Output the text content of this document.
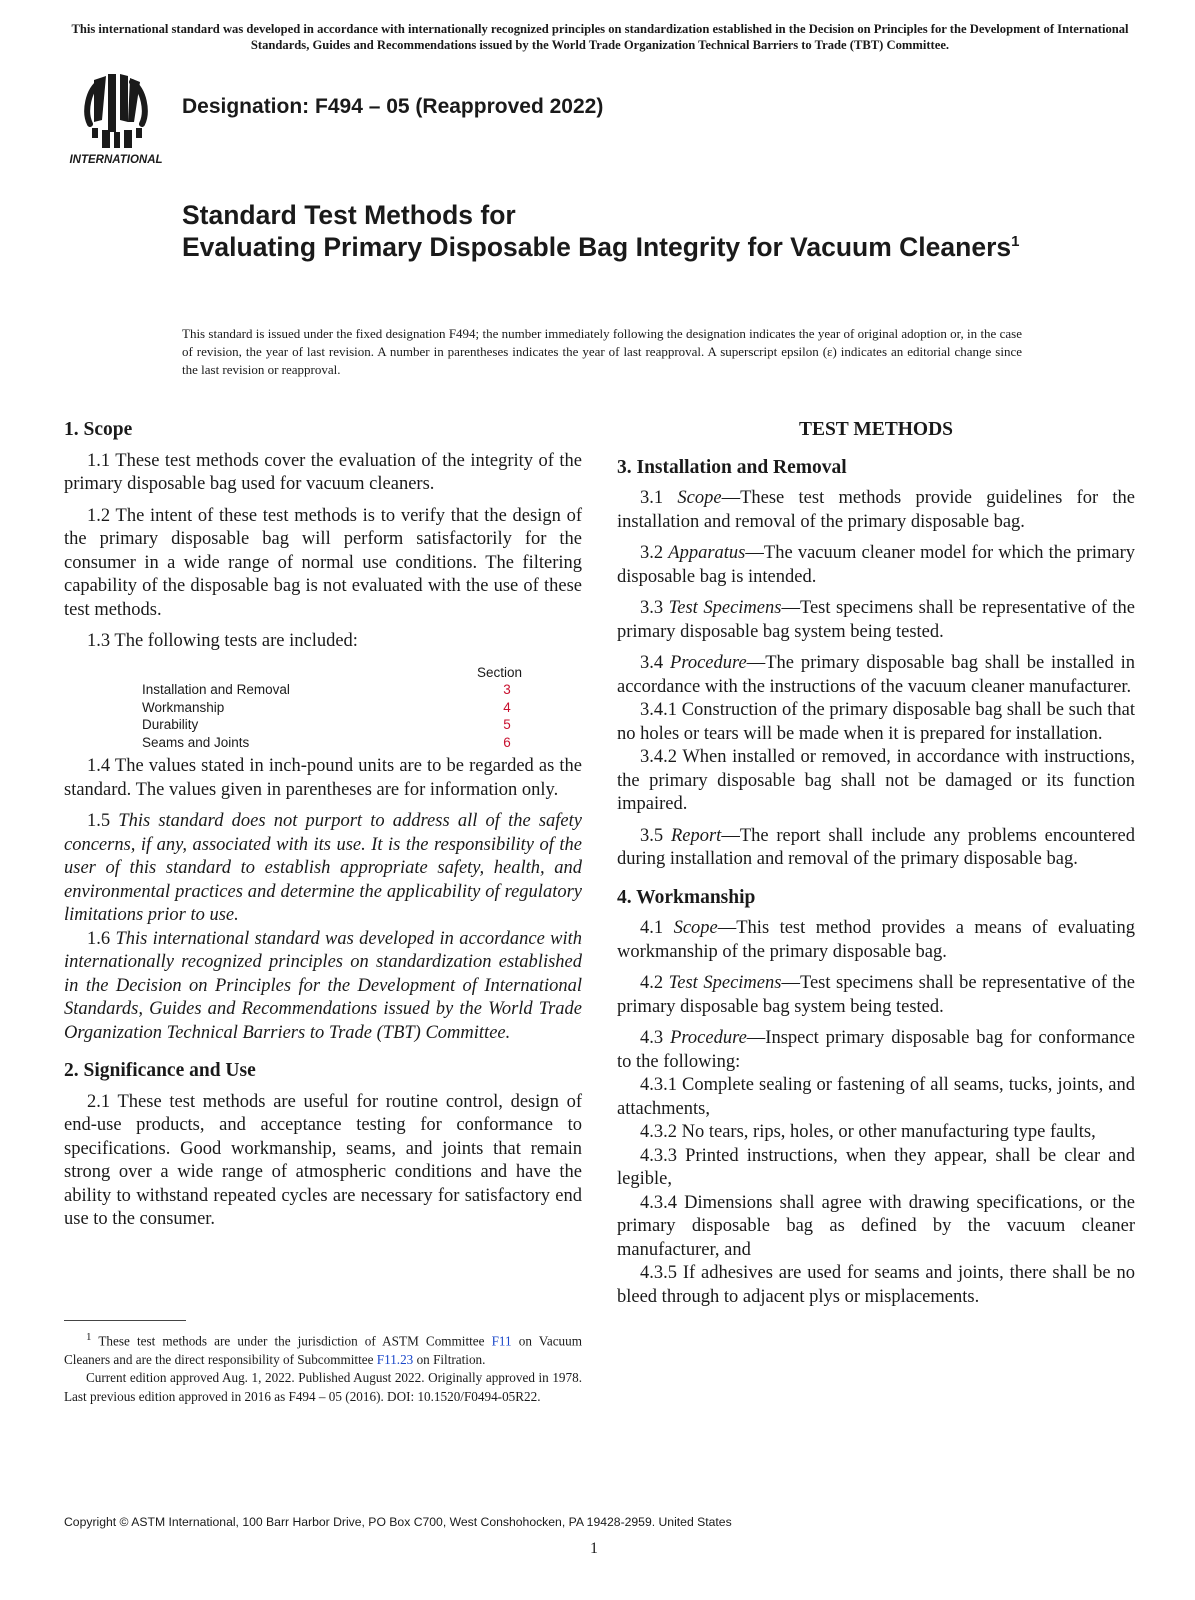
This international standard was developed in accordance with internationally recognized principles on standardization established in the Decision on Principles for the Development of International Standards, Guides and Recommendations issued by the World Trade Organization Technical Barriers to Trade (TBT) Committee.
INTERNATIONAL
Designation: F494 – 05 (Reapproved 2022)
Standard Test Methods for
Evaluating Primary Disposable Bag Integrity for Vacuum Cleaners$^1$
This standard is issued under the fixed designation F494; the number immediately following the designation indicates the year of original adoption or, in the case of revision, the year of last revision. A number in parentheses indicates the year of last reapproval. A superscript epsilon (ε) indicates an editorial change since the last revision or reapproval.

1. Scope

1.1 These test methods cover the evaluation of the integrity of the primary disposable bag used for vacuum cleaners.

1.2 The intent of these test methods is to verify that the design of the primary disposable bag will perform satisfactorily for the consumer in a wide range of normal use conditions. The filtering capability of the disposable bag is not evaluated with the use of these test methods.

1.3 The following tests are included:

Section
Installation and Removal	3
Workmanship	4
Durability	5
Seams and Joints	6

1.4 The values stated in inch-pound units are to be regarded as the standard. The values given in parentheses are for information only.

1.5 This standard does not purport to address all of the safety concerns, if any, associated with its use. It is the responsibility of the user of this standard to establish appropriate safety, health, and environmental practices and determine the applicability of regulatory limitations prior to use.

1.6 This international standard was developed in accordance with internationally recognized principles on standardization established in the Decision on Principles for the Development of International Standards, Guides and Recommendations issued by the World Trade Organization Technical Barriers to Trade (TBT) Committee.

2. Significance and Use

2.1 These test methods are useful for routine control, design of end-use products, and acceptance testing for conformance to specifications. Good workmanship, seams, and joints that remain strong over a wide range of atmospheric conditions and have the ability to withstand repeated cycles are necessary for satisfactory end use to the consumer.

$^1$ These test methods are under the jurisdiction of ASTM Committee F11 on Vacuum Cleaners and are the direct responsibility of Subcommittee F11.23 on Filtration.

Current edition approved Aug. 1, 2022. Published August 2022. Originally approved in 1978. Last previous edition approved in 2016 as F494 – 05 (2016). DOI: 10.1520/F0494-05R22.

TEST METHODS

3. Installation and Removal

3.1 Scope—These test methods provide guidelines for the installation and removal of the primary disposable bag.

3.2 Apparatus—The vacuum cleaner model for which the primary disposable bag is intended.

3.3 Test Specimens—Test specimens shall be representative of the primary disposable bag system being tested.

3.4 Procedure—The primary disposable bag shall be installed in accordance with the instructions of the vacuum cleaner manufacturer.

3.4.1 Construction of the primary disposable bag shall be such that no holes or tears will be made when it is prepared for installation.

3.4.2 When installed or removed, in accordance with instructions, the primary disposable bag shall not be damaged or its function impaired.

3.5 Report—The report shall include any problems encountered during installation and removal of the primary disposable bag.

4. Workmanship

4.1 Scope—This test method provides a means of evaluating workmanship of the primary disposable bag.

4.2 Test Specimens—Test specimens shall be representative of the primary disposable bag system being tested.

4.3 Procedure—Inspect primary disposable bag for conformance to the following:

4.3.1 Complete sealing or fastening of all seams, tucks, joints, and attachments,

4.3.2 No tears, rips, holes, or other manufacturing type faults,

4.3.3 Printed instructions, when they appear, shall be clear and legible,

4.3.4 Dimensions shall agree with drawing specifications, or the primary disposable bag as defined by the vacuum cleaner manufacturer, and

4.3.5 If adhesives are used for seams and joints, there shall be no bleed through to adjacent plys or misplacements.

Copyright © ASTM International, 100 Barr Harbor Drive, PO Box C700, West Conshohocken, PA 19428-2959. United States
1
